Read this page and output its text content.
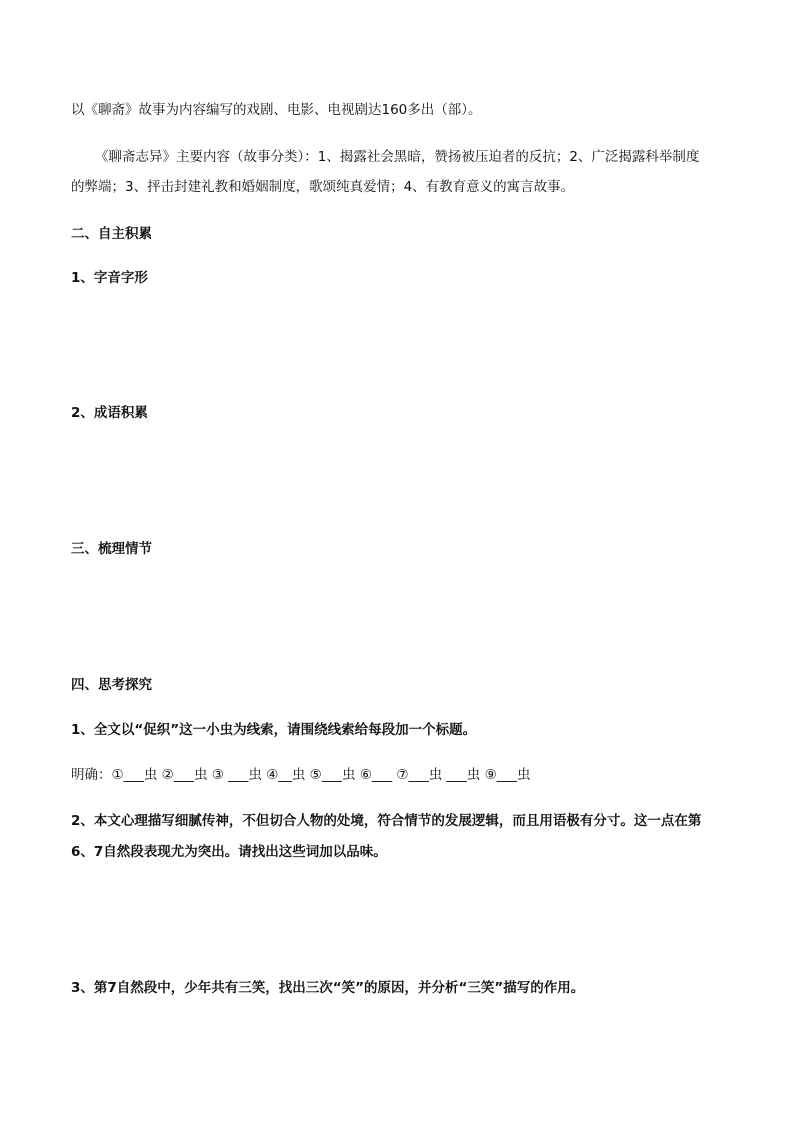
以《聊斋》故事为内容编写的戏剧、电影、电视剧达160多出（部）。
《聊斋志异》主要内容（故事分类）：1、揭露社会黑暗，赞扬被压迫者的反抗；2、广泛揭露科举制度
的弊端；3、抨击封建礼教和婚姻制度，歌颂纯真爱情；4、有教育意义的寓言故事。
二、自主积累
1、字音字形
2、成语积累
三、梳理情节
四、思考探究
1、全文以“促织”这一小虫为线索，请围绕线索给每段加一个标题。
明确：①___虫 ②___虫 ③ ___虫 ④__虫 ⑤___虫 ⑥___ ⑦___虫 ___虫 ⑨___虫
2、本文心理描写细腻传神，不但切合人物的处境，符合情节的发展逻辑，而且用语极有分寸。这一点在第
6、7自然段表现尤为突出。请找出这些词加以品味。
3、第7自然段中，少年共有三笑，找出三次“笑”的原因，并分析“三笑”描写的作用。
